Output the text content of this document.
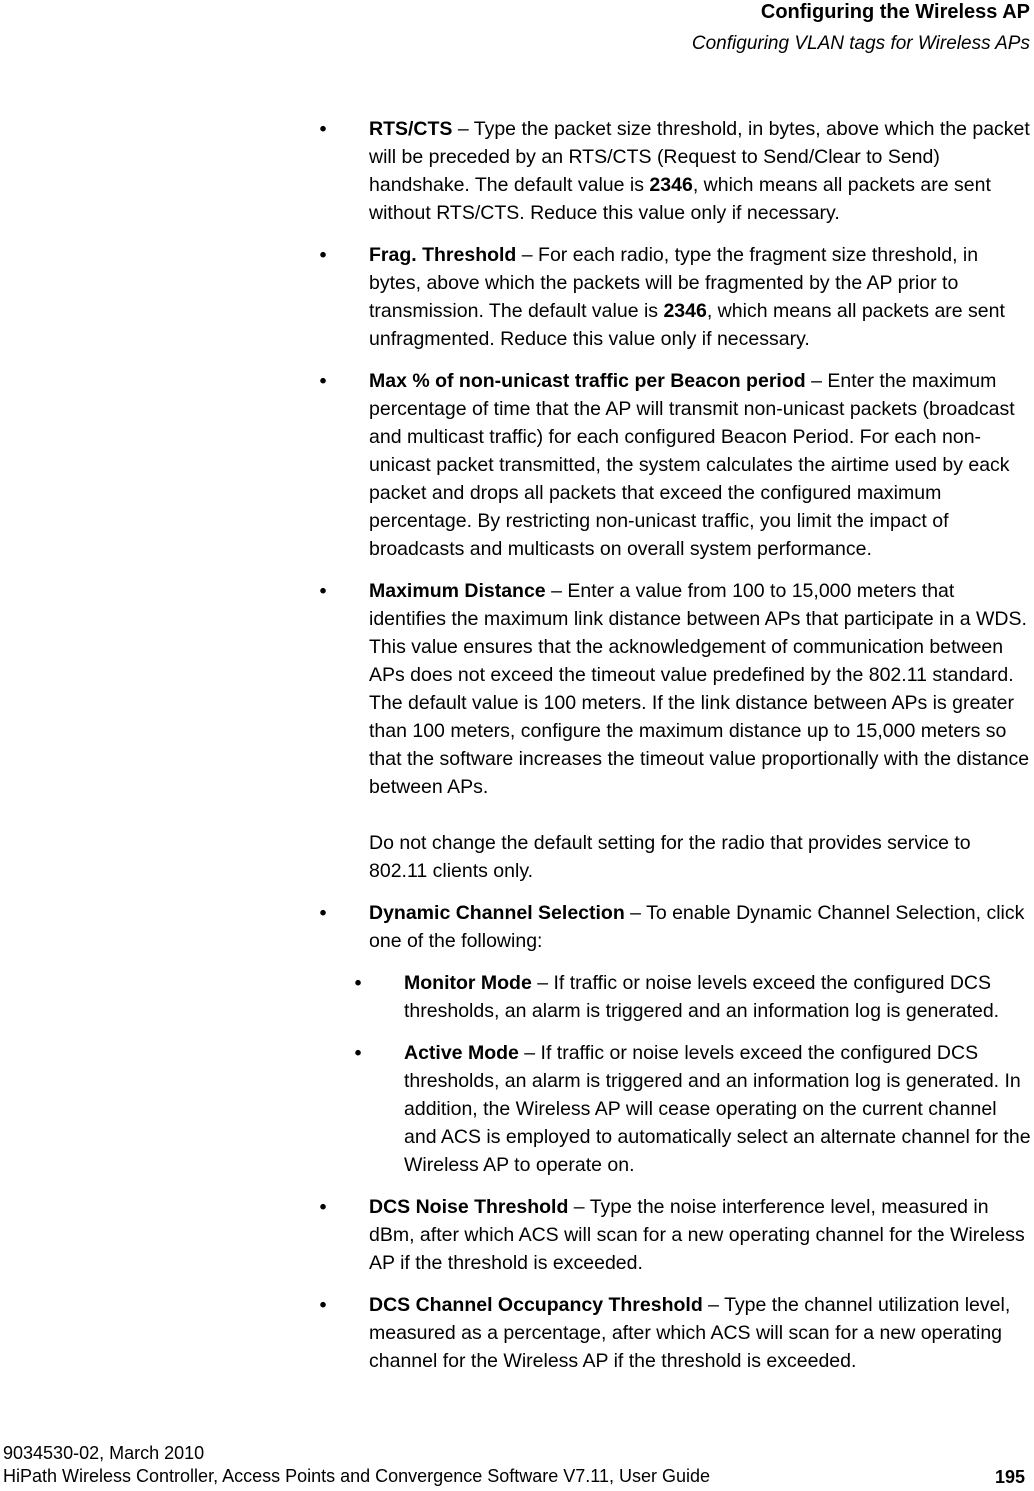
Configuring the Wireless AP
Configuring VLAN tags for Wireless APs
•	RTS/CTS – Type the packet size threshold, in bytes, above which the packet will be preceded by an RTS/CTS (Request to Send/Clear to Send) handshake. The default value is 2346, which means all packets are sent without RTS/CTS. Reduce this value only if necessary.

•	Frag. Threshold – For each radio, type the fragment size threshold, in bytes, above which the packets will be fragmented by the AP prior to transmission. The default value is 2346, which means all packets are sent unfragmented. Reduce this value only if necessary.

•	Max % of non-unicast traffic per Beacon period – Enter the maximum percentage of time that the AP will transmit non-unicast packets (broadcast and multicast traffic) for each configured Beacon Period. For each non-unicast packet transmitted, the system calculates the airtime used by eack packet and drops all packets that exceed the configured maximum percentage. By restricting non-unicast traffic, you limit the impact of broadcasts and multicasts on overall system performance.

•	Maximum Distance – Enter a value from 100 to 15,000 meters that identifies the maximum link distance between APs that participate in a WDS. This value ensures that the acknowledgement of communication between APs does not exceed the timeout value predefined by the 802.11 standard. The default value is 100 meters. If the link distance between APs is greater than 100 meters, configure the maximum distance up to 15,000 meters so that the software increases the timeout value proportionally with the distance between APs.

Do not change the default setting for the radio that provides service to 802.11 clients only.

•	Dynamic Channel Selection – To enable Dynamic Channel Selection, click one of the following:

•	Monitor Mode – If traffic or noise levels exceed the configured DCS thresholds, an alarm is triggered and an information log is generated.

•	Active Mode – If traffic or noise levels exceed the configured DCS thresholds, an alarm is triggered and an information log is generated. In addition, the Wireless AP will cease operating on the current channel and ACS is employed to automatically select an alternate channel for the Wireless AP to operate on.

•	DCS Noise Threshold – Type the noise interference level, measured in dBm, after which ACS will scan for a new operating channel for the Wireless AP if the threshold is exceeded.

•	DCS Channel Occupancy Threshold – Type the channel utilization level, measured as a percentage, after which ACS will scan for a new operating channel for the Wireless AP if the threshold is exceeded.

9034530-02, March 2010
HiPath Wireless Controller, Access Points and Convergence Software V7.11, User Guide	195
